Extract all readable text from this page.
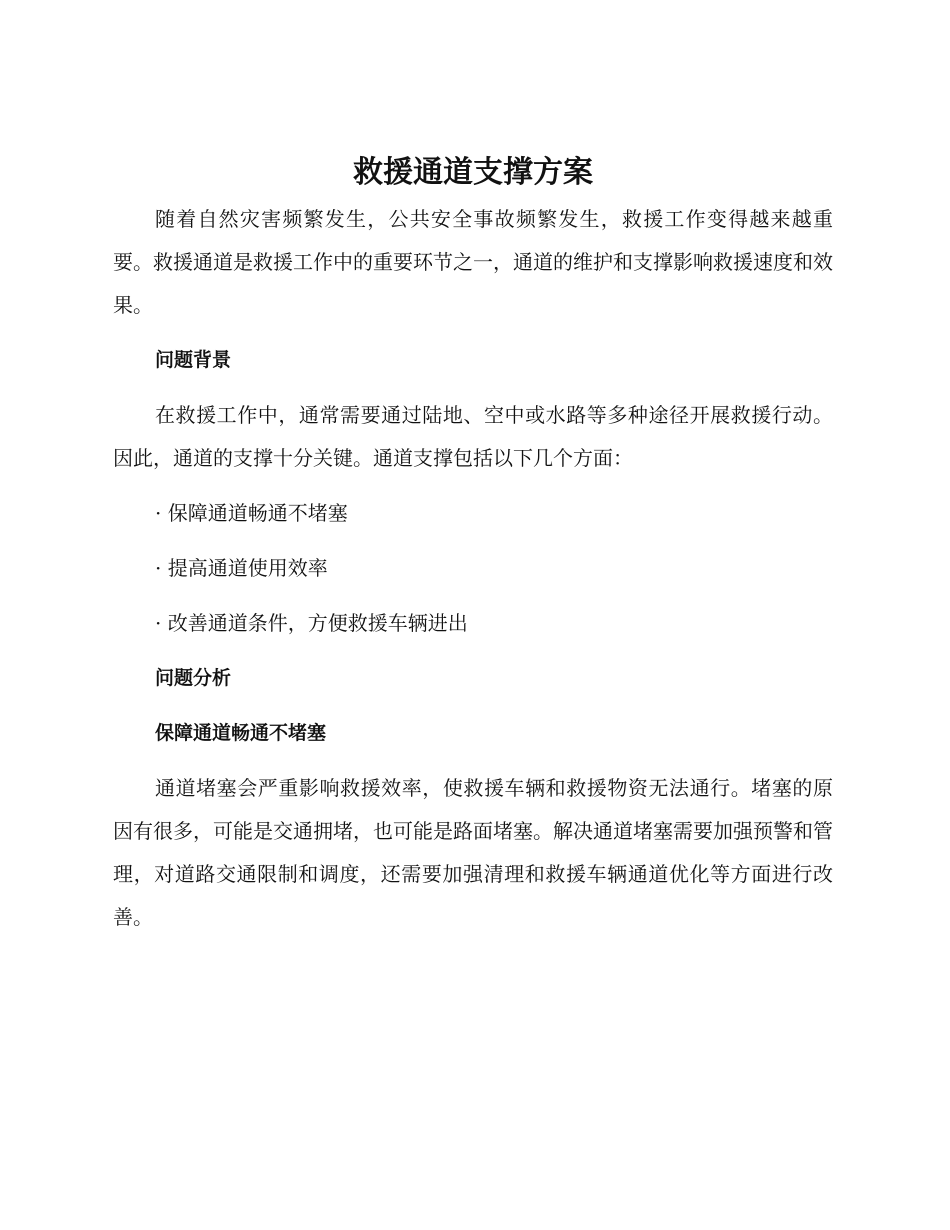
救援通道支撑方案

随着自然灾害频繁发生，公共安全事故频繁发生，救援工作变得越来越重要。救援通道是救援工作中的重要环节之一，通道的维护和支撑影响救援速度和效果。

问题背景

在救援工作中，通常需要通过陆地、空中或水路等多种途径开展救援行动。因此，通道的支撑十分关键。通道支撑包括以下几个方面：

· 保障通道畅通不堵塞

· 提高通道使用效率

· 改善通道条件，方便救援车辆进出

问题分析

保障通道畅通不堵塞

通道堵塞会严重影响救援效率，使救援车辆和救援物资无法通行。堵塞的原因有很多，可能是交通拥堵，也可能是路面堵塞。解决通道堵塞需要加强预警和管理，对道路交通限制和调度，还需要加强清理和救援车辆通道优化等方面进行改善。
